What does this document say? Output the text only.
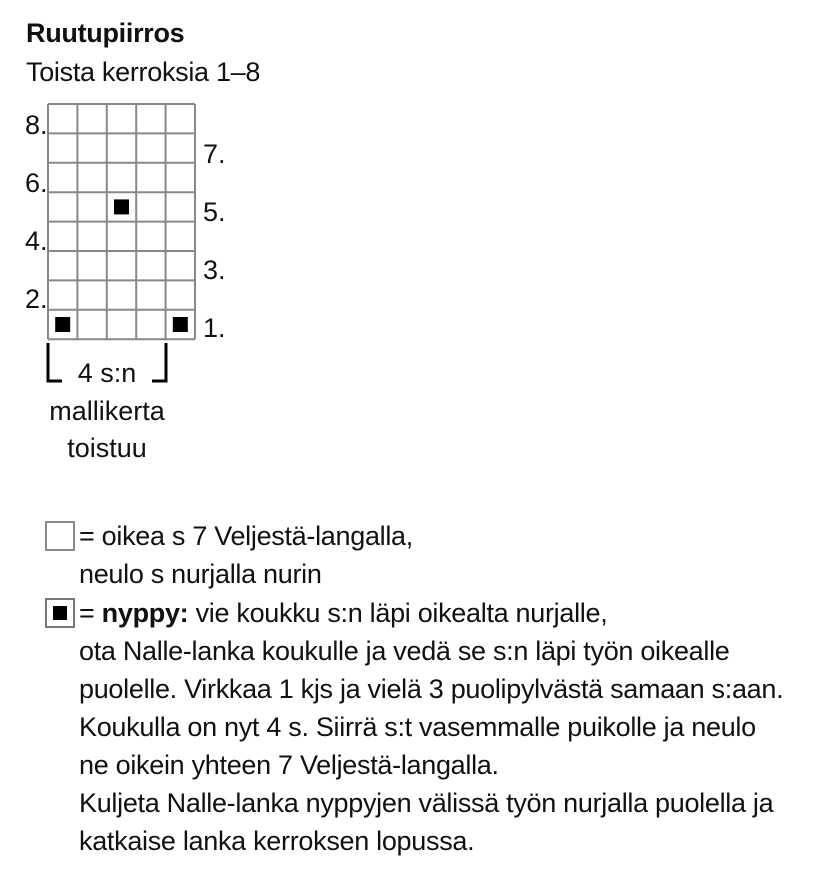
Ruutupiirros
Toista kerroksia 1–8
8.
6.
4.
2.
7.
5.
3.
1.
4 s:n
mallikerta
toistuu
= oikea s 7 Veljestä-langalla,
neulo s nurjalla nurin
= nyppy: vie koukku s:n läpi oikealta nurjalle,
ota Nalle-lanka koukulle ja vedä se s:n läpi työn oikealle
puolelle. Virkkaa 1 kjs ja vielä 3 puolipylvästä samaan s:aan.
Koukulla on nyt 4 s. Siirrä s:t vasemmalle puikolle ja neulo
ne oikein yhteen 7 Veljestä-langalla.
Kuljeta Nalle-lanka nyppyjen välissä työn nurjalla puolella ja
katkaise lanka kerroksen lopussa.
